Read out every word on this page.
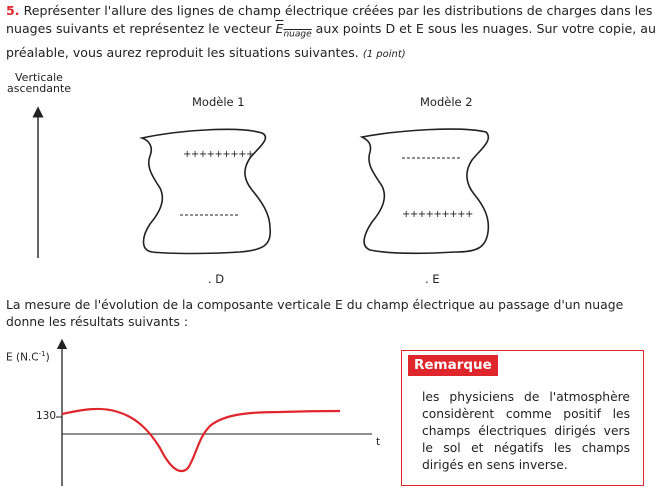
5. Représenter l'allure des lignes de champ électrique créées par les distributions de charges dans les nuages suivants et représentez le vecteur $E_{nuage}$ aux points D et E sous les nuages. Sur votre copie, au préalable, vous aurez reproduit les situations suivantes. (1 point)
Verticale
ascendante
Modèle 1	Modèle 2
+++++++++
+++++++++
. D	. E
La mesure de l'évolution de la composante verticale E du champ électrique au passage d'un nuage donne les résultats suivants :
E $(N.C^{-1})$
130
t
Remarque
les physiciens de l'atmosphère considèrent comme positif les champs électriques dirigés vers le sol et négatifs les champs dirigés en sens inverse.
